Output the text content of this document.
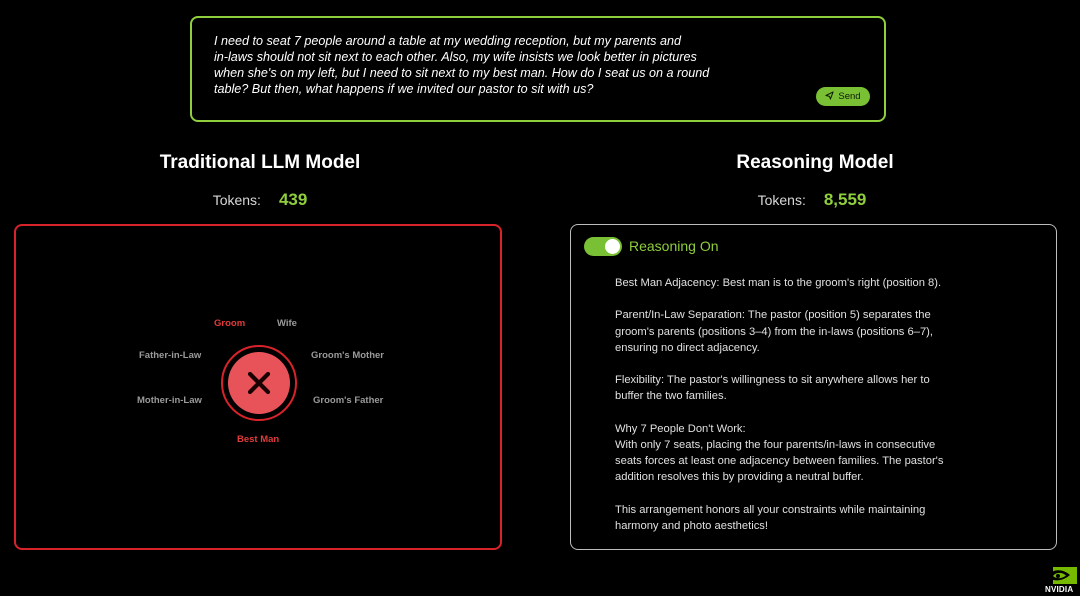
I need to seat 7 people around a table at my wedding reception, but my parents and
in-laws should not sit next to each other. Also, my wife insists we look better in pictures
when she's on my left, but I need to sit next to my best man. How do I seat us on a round
table? But then, what happens if we invited our pastor to sit with us?
Send
Traditional LLM Model
Tokens: 439
Groom	Wife
Father-in-Law	Groom's Mother
Mother-in-Law	Groom's Father
Best Man
Reasoning Model
Tokens: 8,559
Reasoning On

Best Man Adjacency: Best man is to the groom's right (position 8).

Parent/In-Law Separation: The pastor (position 5) separates the
groom's parents (positions 3–4) from the in-laws (positions 6–7),
ensuring no direct adjacency.

Flexibility: The pastor's willingness to sit anywhere allows her to
buffer the two families.

Why 7 People Don't Work:
With only 7 seats, placing the four parents/in-laws in consecutive
seats forces at least one adjacency between families. The pastor's
addition resolves this by providing a neutral buffer.

This arrangement honors all your constraints while maintaining
harmony and photo aesthetics!

NVIDIA
